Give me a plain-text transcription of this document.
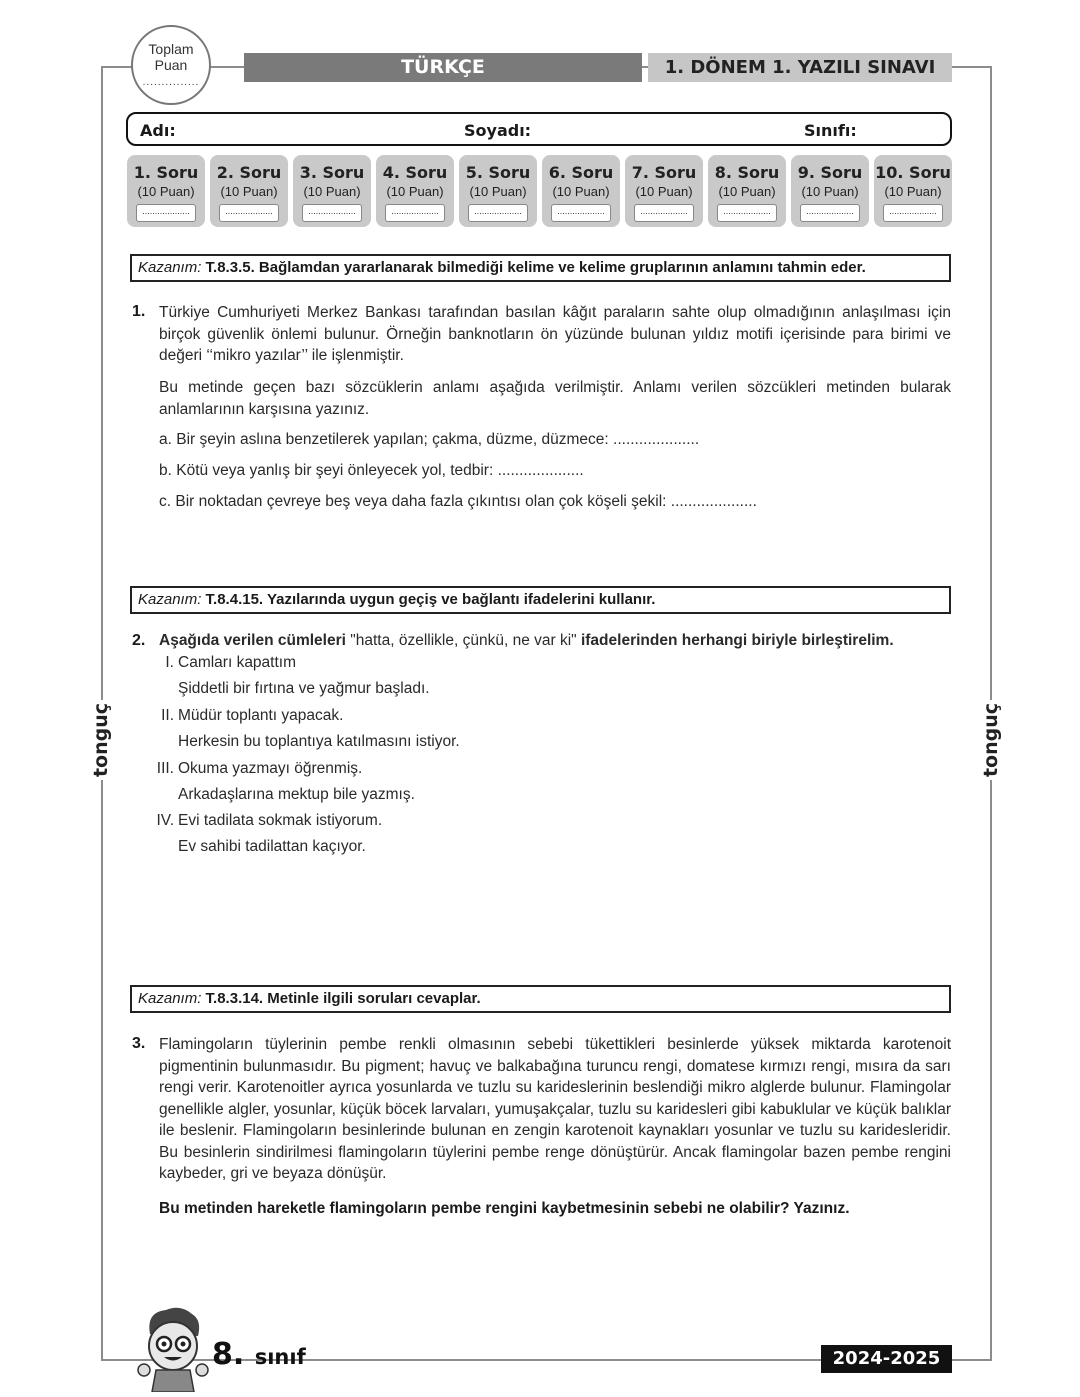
tonguç	tonguç
Toplam
Puan
...............
TÜRKÇE	1. DÖNEM 1. YAZILI SINAVI
Adı:	Soyadı:	Sınıfı:
1. Soru
(10 Puan)
...................
2. Soru
(10 Puan)
...................
3. Soru
(10 Puan)
...................
4. Soru
(10 Puan)
...................
5. Soru
(10 Puan)
...................
6. Soru
(10 Puan)
...................
7. Soru
(10 Puan)
...................
8. Soru
(10 Puan)
...................
9. Soru
(10 Puan)
...................
10. Soru
(10 Puan)
...................
Kazanım: T.8.3.5. Bağlamdan yararlanarak bilmediği kelime ve kelime gruplarının anlamını tahmin eder.
1. Türkiye Cumhuriyeti Merkez Bankası tarafından basılan kâğıt paraların sahte olup olmadığının anlaşılması için birçok güvenlik önlemi bulunur. Örneğin banknotların ön yüzünde bulunan yıldız motifi içerisinde para birimi ve değeri ‘‘mikro yazılar’’ ile işlenmiştir.
Bu metinde geçen bazı sözcüklerin anlamı aşağıda verilmiştir. Anlamı verilen sözcükleri metinden bularak anlamlarının karşısına yazınız.
a. Bir şeyin aslına benzetilerek yapılan; çakma, düzme, düzmece: ....................
b. Kötü veya yanlış bir şeyi önleyecek yol, tedbir: ....................
c. Bir noktadan çevreye beş veya daha fazla çıkıntısı olan çok köşeli şekil: ....................
Kazanım: T.8.4.15. Yazılarında uygun geçiş ve bağlantı ifadelerini kullanır.
2. Aşağıda verilen cümleleri "hatta, özellikle, çünkü, ne var ki" ifadelerinden herhangi biriyle birleştirelim.
I. Camları kapattım
Şiddetli bir fırtına ve yağmur başladı.
II. Müdür toplantı yapacak.
Herkesin bu toplantıya katılmasını istiyor.
III. Okuma yazmayı öğrenmiş.
Arkadaşlarına mektup bile yazmış.
IV. Evi tadilata sokmak istiyorum.
Ev sahibi tadilattan kaçıyor.
Kazanım: T.8.3.14. Metinle ilgili soruları cevaplar.
3. Flamingoların tüylerinin pembe renkli olmasının sebebi tükettikleri besinlerde yüksek miktarda karotenoit pigmentinin bulunmasıdır. Bu pigment; havuç ve balkabağına turuncu rengi, domatese kırmızı rengi, mısıra da sarı rengi verir. Karotenoitler ayrıca yosunlarda ve tuzlu su karideslerinin beslendiği mikro alglerde bulunur. Flamingolar genellikle algler, yosunlar, küçük böcek larvaları, yumuşakçalar, tuzlu su karidesleri gibi kabuklular ve küçük balıklar ile beslenir. Flamingoların besinlerinde bulunan en zengin karotenoit kaynakları yosunlar ve tuzlu su karidesleridir. Bu besinlerin sindirilmesi flamingoların tüylerini pembe renge dönüştürür. Ancak flamingolar bazen pembe rengini kaybeder, gri ve beyaza dönüşür.
Bu metinden hareketle flamingoların pembe rengini kaybetmesinin sebebi ne olabilir? Yazınız.
8. sınıf	2024-2025
